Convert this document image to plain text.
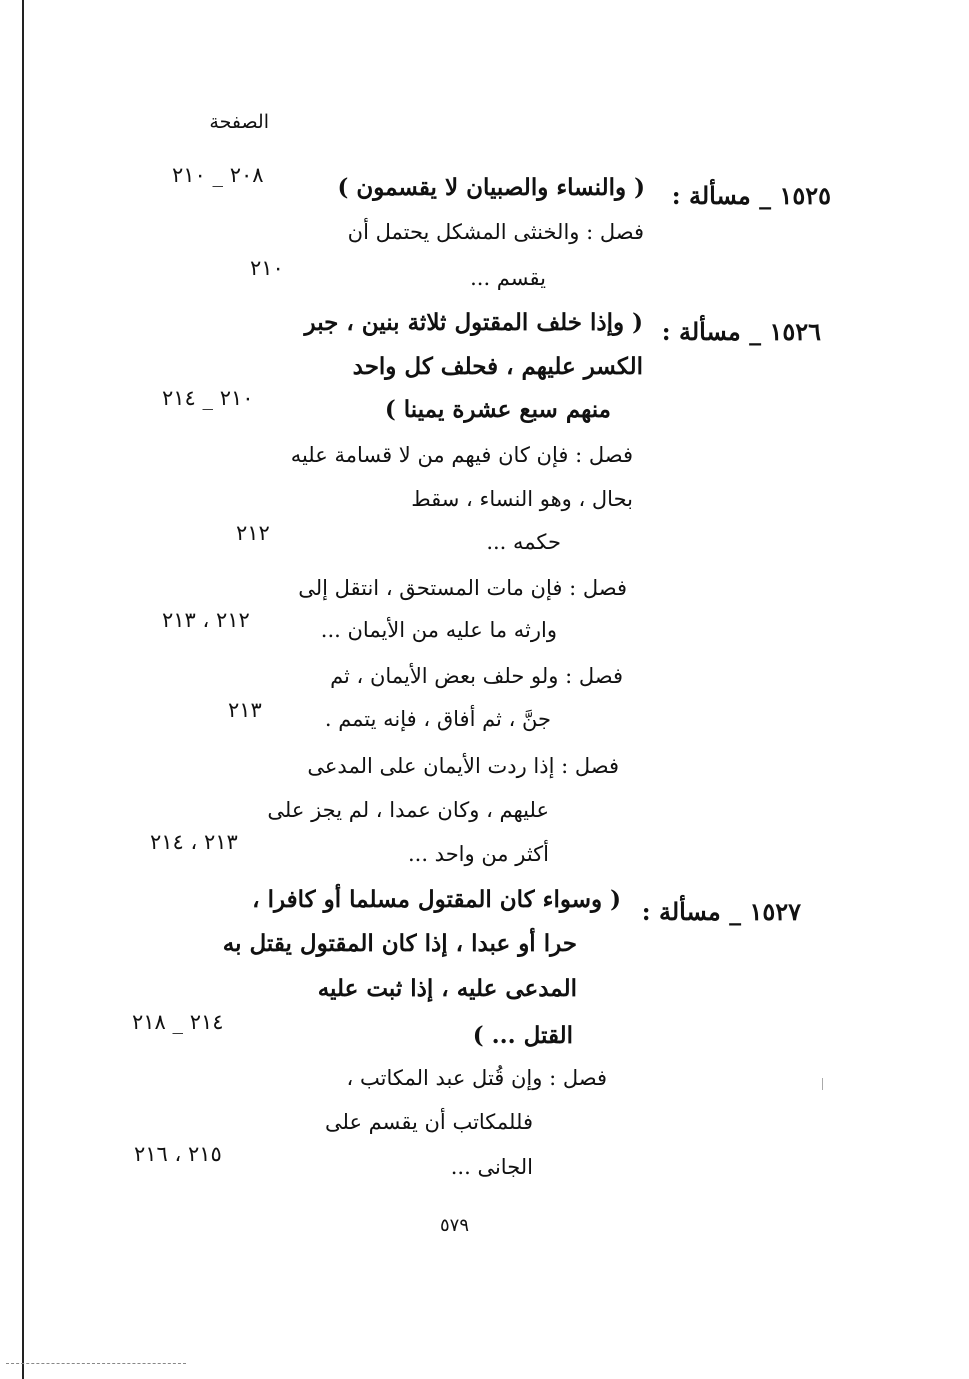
الصفحة
١٥٢٥ _ مسألة :
( والنساء والصبيان لا يقسمون )
٢٠٨ _ ٢١٠
فصل : والخنثى المشكل يحتمل أن
يقسم ...
٢١٠
١٥٢٦ _ مسألة :
( وإذا خلف المقتول ثلاثة بنين ، جبر
الكسر عليهم ، فحلف كل واحد
منهم سبع عشرة يمينا )
٢١٠ _ ٢١٤
فصل : فإن كان فيهم من لا قسامة عليه
بحال ، وهو النساء ، سقط
حكمه ...
٢١٢
فصل : فإن مات المستحق ، انتقل إلى
وارثه ما عليه من الأيمان ...
٢١٢ ، ٢١٣
فصل : ولو حلف بعض الأيمان ، ثم
جنَّ ، ثم أفاق ، فإنه يتمم .
٢١٣
فصل : إذا ردت الأيمان على المدعى
عليهم ، وكان عمدا ، لم يجز على
أكثر من واحد ...
٢١٣ ، ٢١٤
١٥٢٧ _ مسألة :
( وسواء كان المقتول مسلما أو كافرا ،
حرا أو عبدا ، إذا كان المقتول يقتل به
المدعى عليه ، إذا ثبت عليه
القتل ... )
٢١٤ _ ٢١٨
فصل : وإن قُتل عبد المكاتب ،
فللمكاتب أن يقسم على
الجانى ...
٢١٥ ، ٢١٦
٥٧٩
